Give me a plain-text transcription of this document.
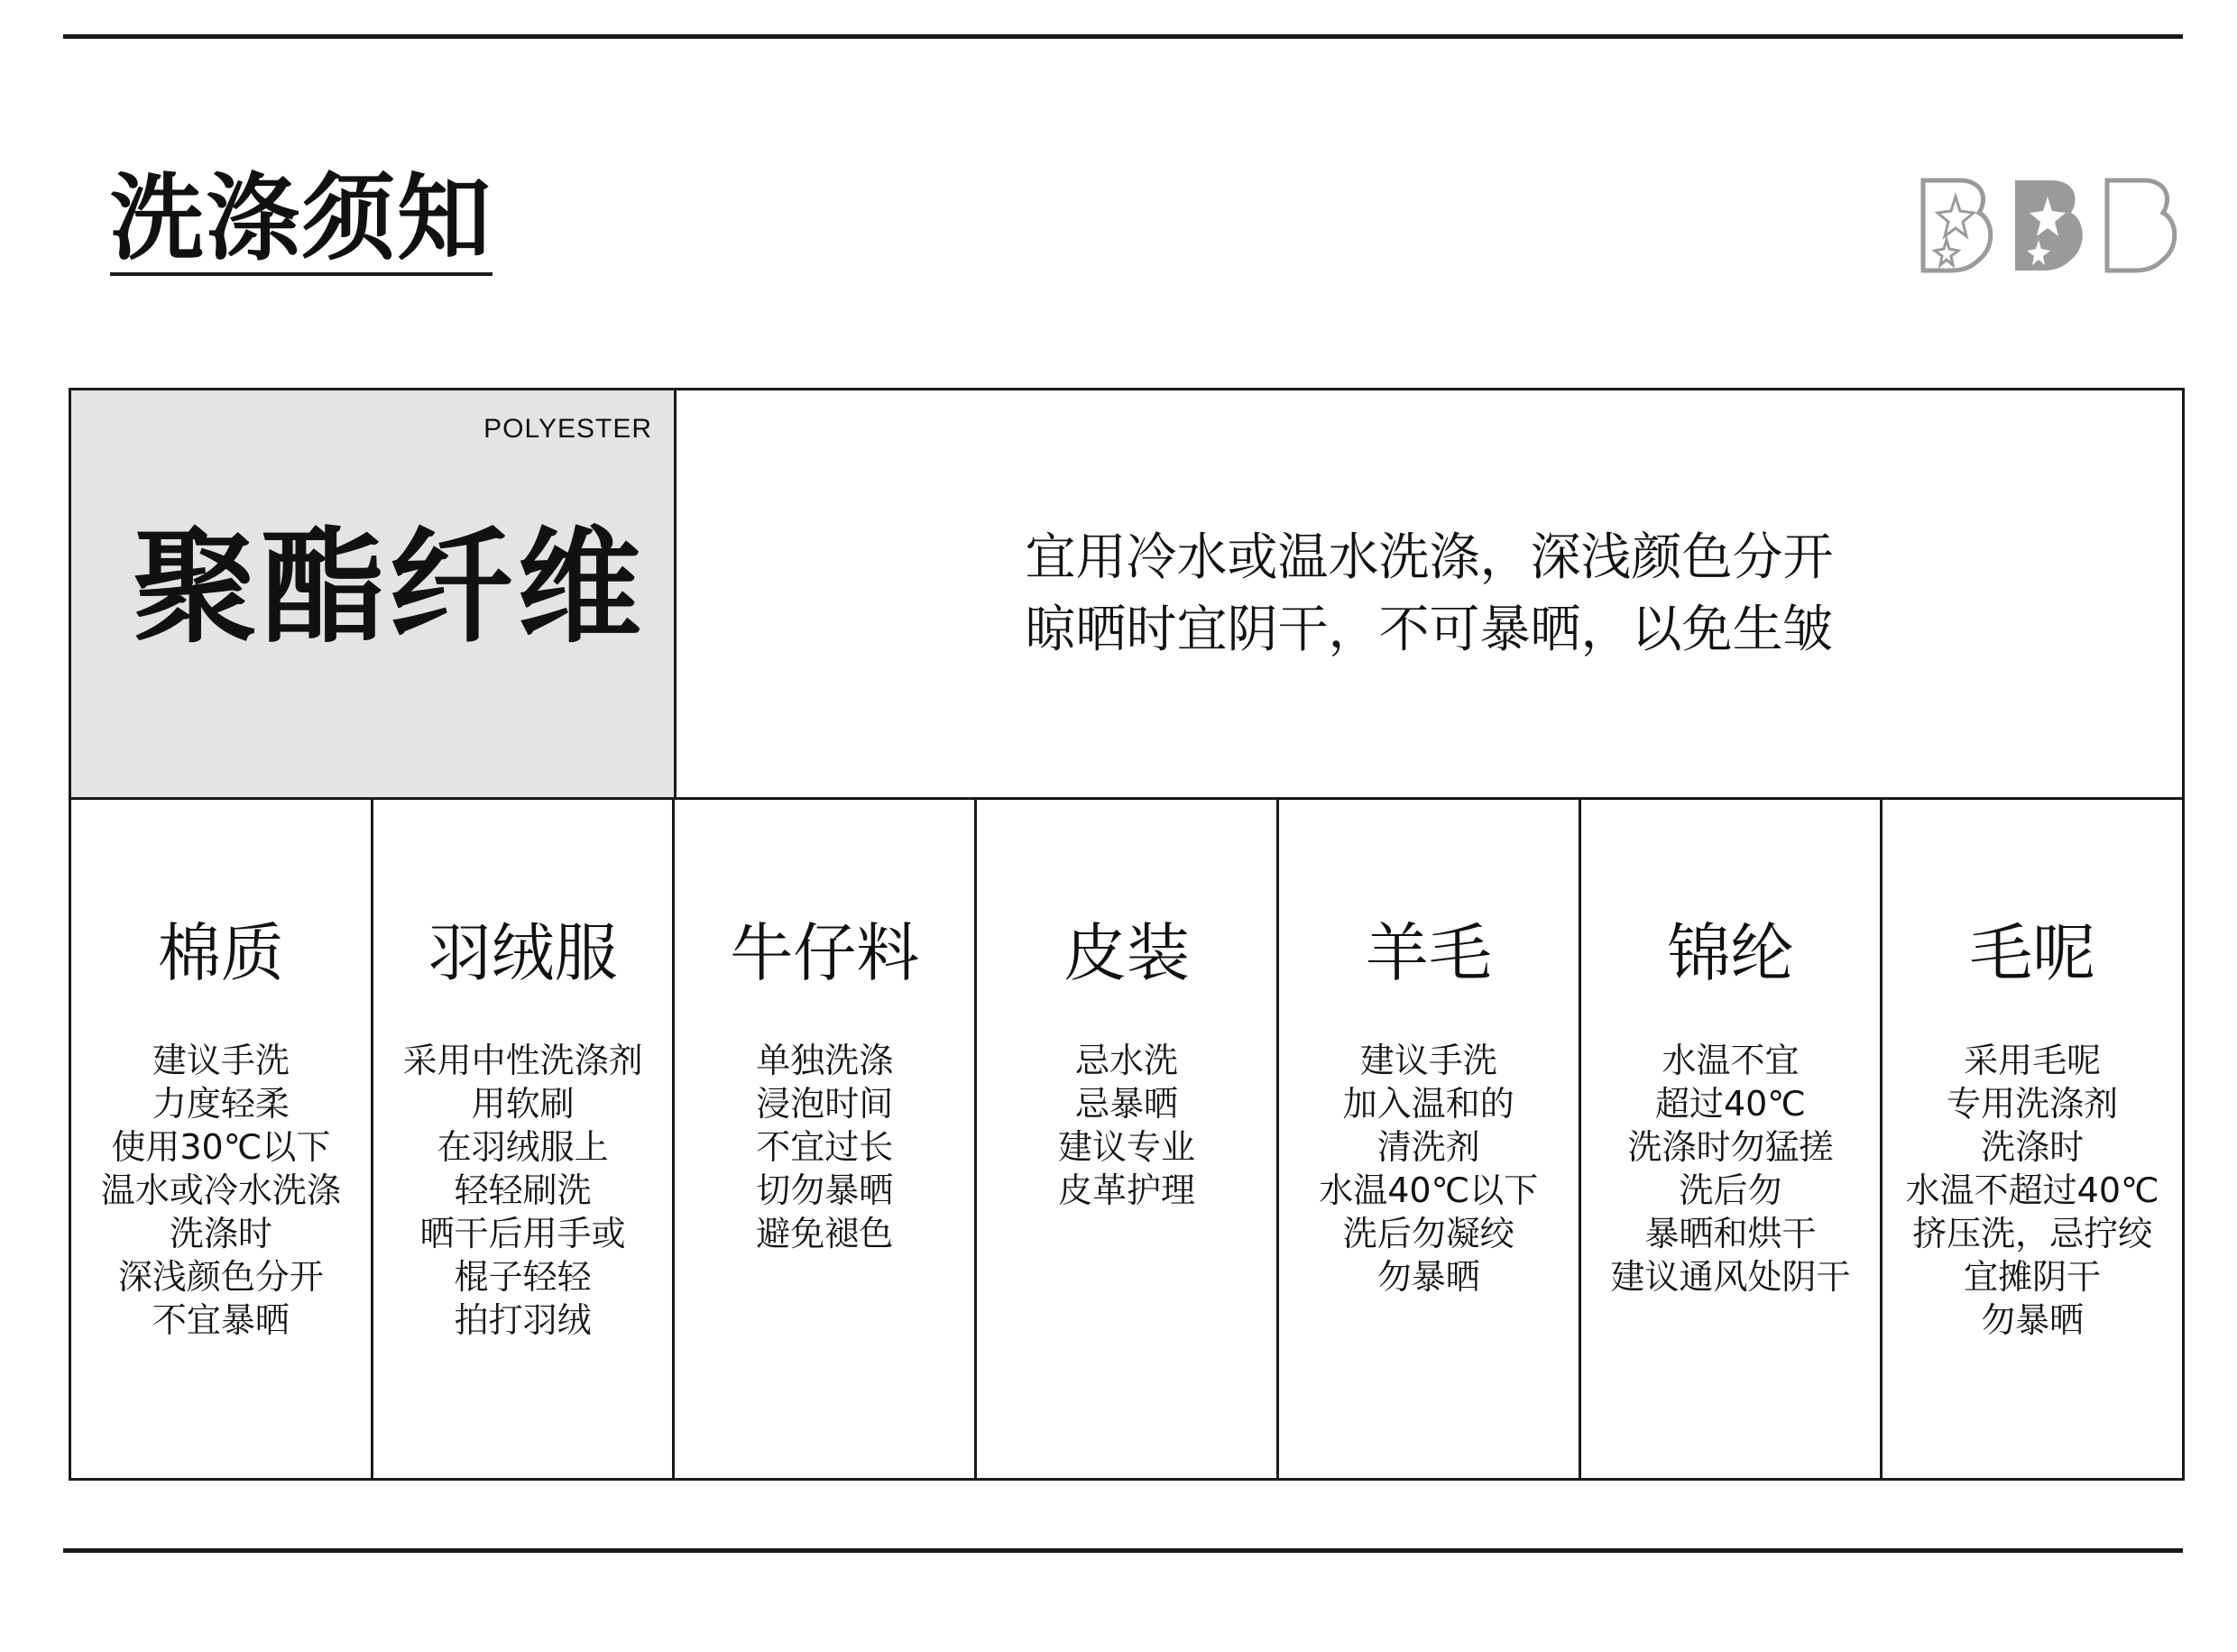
洗涤须知
POLYESTER
聚酯纤维	宜用冷水或温水洗涤，深浅颜色分开
晾晒时宜阴干，不可暴晒，以免生皱
棉质
建议手洗
力度轻柔
使用30℃以下
温水或冷水洗涤
洗涤时
深浅颜色分开
不宜暴晒
羽绒服
采用中性洗涤剂
用软刷
在羽绒服上
轻轻刷洗
晒干后用手或
棍子轻轻
拍打羽绒
牛仔料
单独洗涤
浸泡时间
不宜过长
切勿暴晒
避免褪色
皮装
忌水洗
忌暴晒
建议专业
皮革护理
羊毛
建议手洗
加入温和的
清洗剂
水温40℃以下
洗后勿凝绞
勿暴晒
锦纶
水温不宜
超过40℃
洗涤时勿猛搓
洗后勿
暴晒和烘干
建议通风处阴干
毛呢
采用毛呢
专用洗涤剂
洗涤时
水温不超过40℃
挤压洗，忌拧绞
宜摊阴干
勿暴晒
